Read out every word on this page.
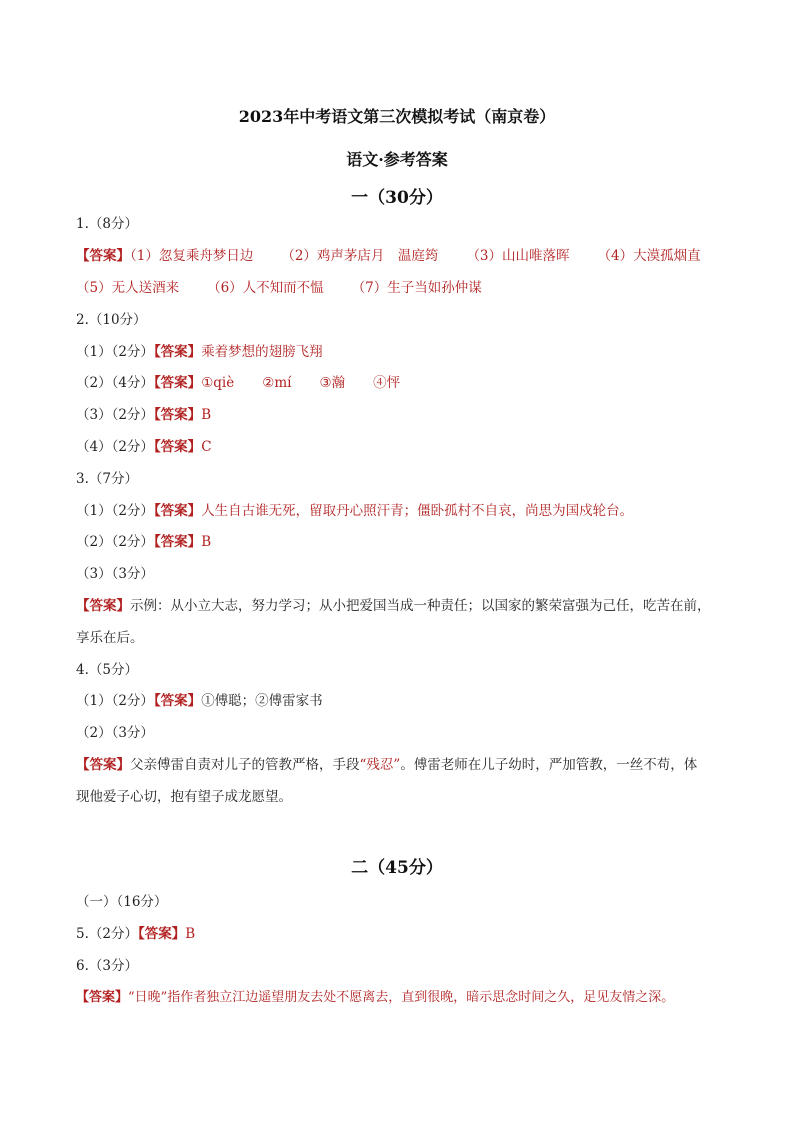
2023年中考语文第三次模拟考试（南京卷）
语文·参考答案
一（30分）
1.（8分）
【答案】（1）忽复乘舟梦日边 （2）鸡声茅店月　温庭筠 （3）山山唯落晖 （4）大漠孤烟直
（5）无人送酒来 （6）人不知而不愠 （7）生子当如孙仲谋
2.（10分）
（1）（2分）【答案】乘着梦想的翅膀飞翔
（2）（4分）【答案】①qiè ②mí ③瀚 ④怦
（3）（2分）【答案】B
（4）（2分）【答案】C
3.（7分）
（1）（2分）【答案】人生自古谁无死，留取丹心照汗青；僵卧孤村不自哀，尚思为国戍轮台。
（2）（2分）【答案】B
（3）（3分）
【答案】示例：从小立大志，努力学习；从小把爱国当成一种责任；以国家的繁荣富强为己任，吃苦在前，
享乐在后。
4.（5分）
（1）（2分）【答案】①傅聪；②傅雷家书
（2）（3分）
【答案】父亲傅雷自责对儿子的管教严格，手段“残忍”。傅雷老师在儿子幼时，严加管教，一丝不苟，体
现他爱子心切，抱有望子成龙愿望。
二（45分）
（一）（16分）
5.（2分）【答案】B
6.（3分）
【答案】“日晚”指作者独立江边遥望朋友去处不愿离去，直到很晚，暗示思念时间之久，足见友情之深。
